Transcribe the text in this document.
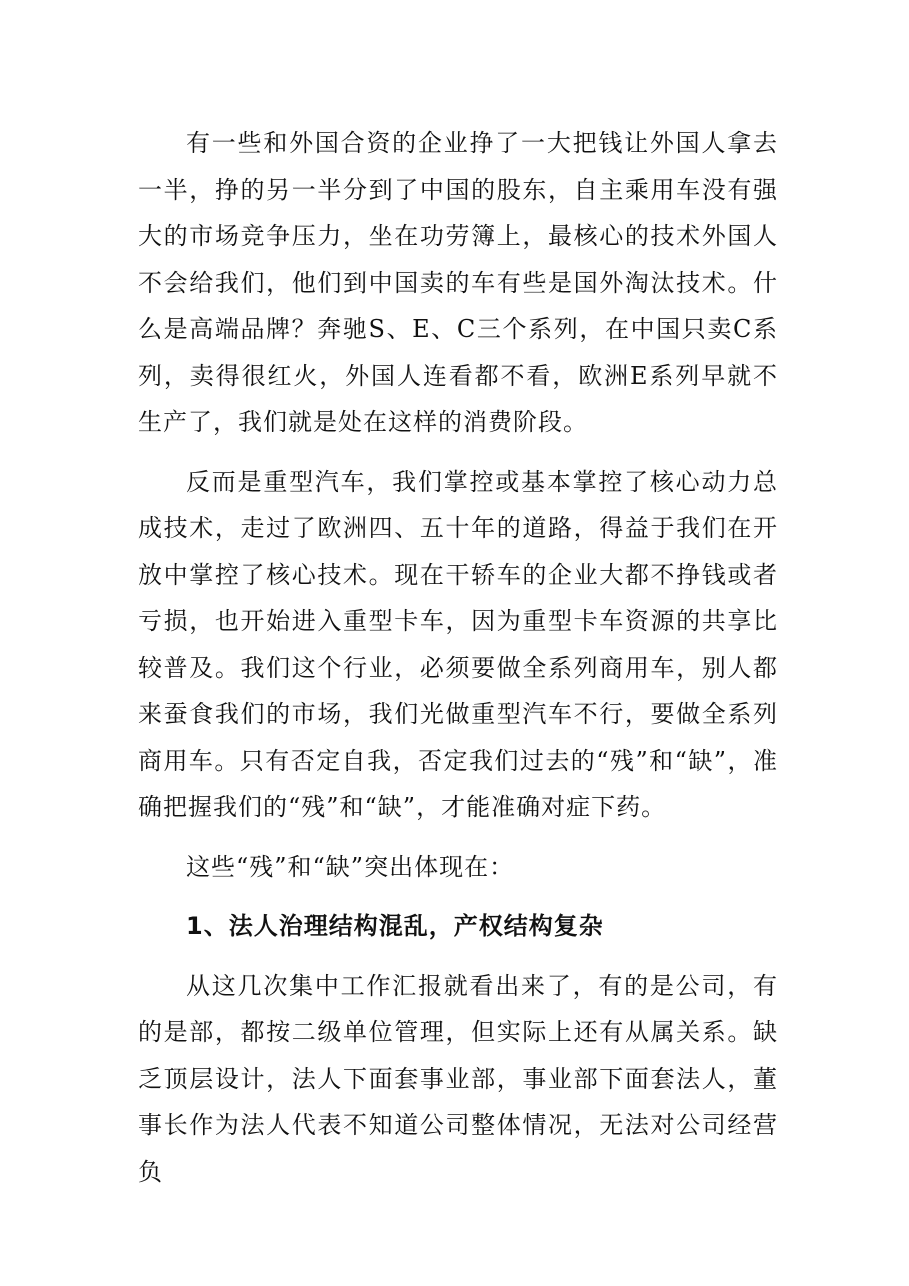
有一些和外国合资的企业挣了一大把钱让外国人拿去一半，挣的另一半分到了中国的股东，自主乘用车没有强大的市场竞争压力，坐在功劳簿上，最核心的技术外国人不会给我们，他们到中国卖的车有些是国外淘汰技术。什么是高端品牌？奔驰S、E、C三个系列，在中国只卖C系列，卖得很红火，外国人连看都不看，欧洲E系列早就不生产了，我们就是处在这样的消费阶段。

反而是重型汽车，我们掌控或基本掌控了核心动力总成技术，走过了欧洲四、五十年的道路，得益于我们在开放中掌控了核心技术。现在干轿车的企业大都不挣钱或者亏损，也开始进入重型卡车，因为重型卡车资源的共享比较普及。我们这个行业，必须要做全系列商用车，别人都来蚕食我们的市场，我们光做重型汽车不行，要做全系列商用车。只有否定自我，否定我们过去的“残”和“缺”，准确把握我们的“残”和“缺”，才能准确对症下药。

这些“残”和“缺”突出体现在：

1、法人治理结构混乱，产权结构复杂

从这几次集中工作汇报就看出来了，有的是公司，有的是部，都按二级单位管理，但实际上还有从属关系。缺乏顶层设计，法人下面套事业部，事业部下面套法人，董事长作为法人代表不知道公司整体情况，无法对公司经营负
